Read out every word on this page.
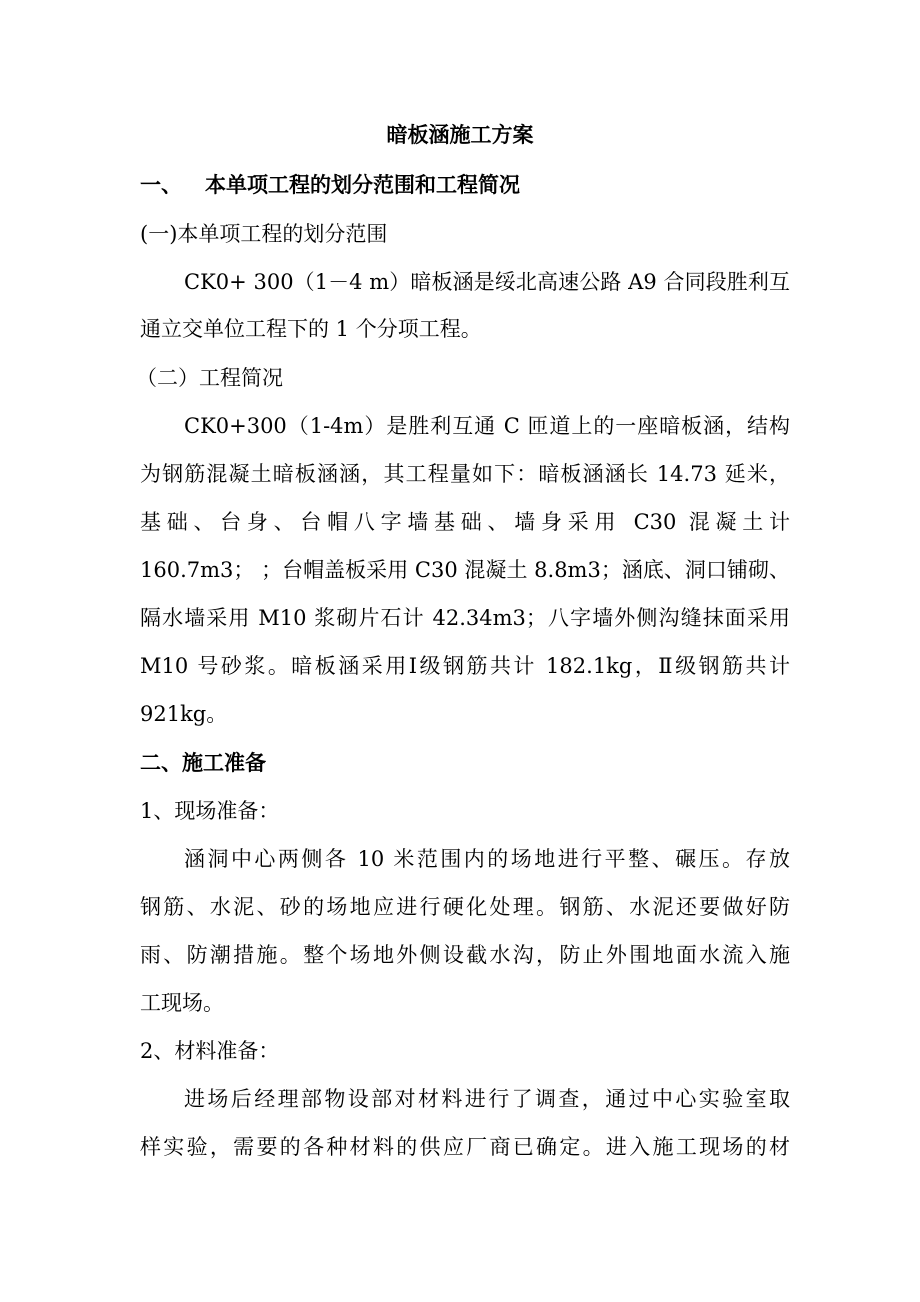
暗板涵施工方案
一、 本单项工程的划分范围和工程简况
(一)本单项工程的划分范围
CK0+ 300（1－4 m）暗板涵是绥北高速公路 A9 合同段胜利互
通立交单位工程下的 1 个分项工程。
（二）工程简况
CK0+300（1-4m）是胜利互通 C 匝道上的一座暗板涵，结构
为钢筋混凝土暗板涵涵，其工程量如下：暗板涵涵长 14.73 延米，
基础、台身、台帽八字墙基础、墙身采用 C30 混凝土计
160.7m3； ；台帽盖板采用 C30 混凝土 8.8m3；涵底、洞口铺砌、
隔水墙采用 M10 浆砌片石计 42.34m3；八字墙外侧沟缝抹面采用
M10 号砂浆。暗板涵采用Ⅰ级钢筋共计 182.1kg，Ⅱ级钢筋共计
921kg。
二、施工准备
1、现场准备：
涵洞中心两侧各 10 米范围内的场地进行平整、碾压。存放
钢筋、水泥、砂的场地应进行硬化处理。钢筋、水泥还要做好防
雨、防潮措施。整个场地外侧设截水沟，防止外围地面水流入施
工现场。
2、材料准备：
进场后经理部物设部对材料进行了调查，通过中心实验室取
样实验，需要的各种材料的供应厂商已确定。进入施工现场的材
